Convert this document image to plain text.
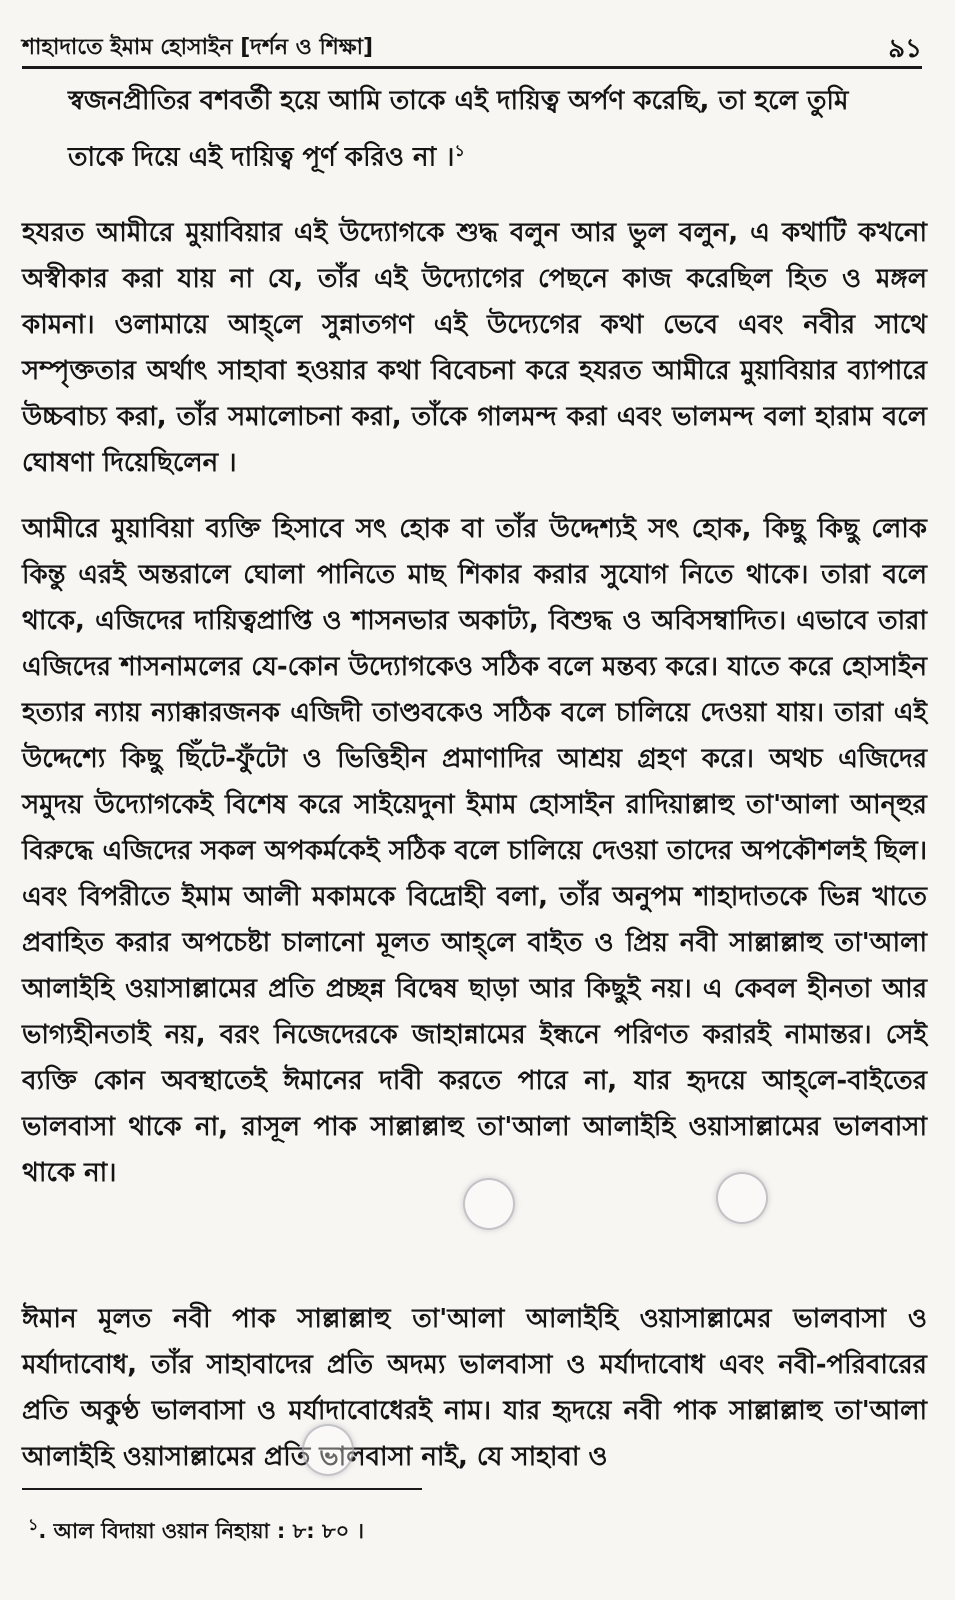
শাহাদাতে ইমাম হোসাইন [দর্শন ও শিক্ষা]	৯১
স্বজনপ্রীতির বশবর্তী হয়ে আমি তাকে এই দায়িত্ব অর্পণ করেছি, তা হলে তুমি তাকে দিয়ে এই দায়িত্ব পূর্ণ করিও না ।$^১$

হযরত আমীরে মুয়াবিয়ার এই উদ্যোগকে শুদ্ধ বলুন আর ভুল বলুন, এ কথাটি কখনো অস্বীকার করা যায় না যে, তাঁর এই উদ্যোগের পেছনে কাজ করেছিল হিত ও মঙ্গল কামনা। ওলামায়ে আহ্‌লে সুন্নাতগণ এই উদ্যেগের কথা ভেবে এবং নবীর সাথে সম্পৃক্ততার অর্থাৎ সাহাবা হওয়ার কথা বিবেচনা করে হযরত আমীরে মুয়াবিয়ার ব্যাপারে উচ্চবাচ্য করা, তাঁর সমালোচনা করা, তাঁকে গালমন্দ করা এবং ভালমন্দ বলা হারাম বলে ঘোষণা দিয়েছিলেন ।

আমীরে মুয়াবিয়া ব্যক্তি হিসাবে সৎ হোক বা তাঁর উদ্দেশ্যই সৎ হোক, কিছু কিছু লোক কিন্তু এরই অন্তরালে ঘোলা পানিতে মাছ শিকার করার সুযোগ নিতে থাকে। তারা বলে থাকে, এজিদের দায়িত্বপ্রাপ্তি ও শাসনভার অকাট্য, বিশুদ্ধ ও অবিসম্বাদিত। এভাবে তারা এজিদের শাসনামলের যে-কোন উদ্যোগকেও সঠিক বলে মন্তব্য করে। যাতে করে হোসাইন হত্যার ন্যায় ন্যাক্কারজনক এজিদী তাণ্ডবকেও সঠিক বলে চালিয়ে দেওয়া যায়। তারা এই উদ্দেশ্যে কিছু ছিঁটে-ফুঁটো ও ভিত্তিহীন প্রমাণাদির আশ্রয় গ্রহণ করে। অথচ এজিদের সমুদয় উদ্যোগকেই বিশেষ করে সাইয়েদুনা ইমাম হোসাইন রাদিয়াল্লাহু তা'আলা আন্‌হুর বিরুদ্ধে এজিদের সকল অপকর্মকেই সঠিক বলে চালিয়ে দেওয়া তাদের অপকৌশলই ছিল। এবং বিপরীতে ইমাম আলী মকামকে বিদ্রোহী বলা, তাঁর অনুপম শাহাদাতকে ভিন্ন খাতে প্রবাহিত করার অপচেষ্টা চালানো মূলত আহ্‌লে বাইত ও প্রিয় নবী সাল্লাল্লাহু তা'আলা আলাইহি ওয়াসাল্লামের প্রতি প্রচ্ছন্ন বিদ্বেষ ছাড়া আর কিছুই নয়। এ কেবল হীনতা আর ভাগ্যহীনতাই নয়, বরং নিজেদেরকে জাহান্নামের ইন্ধনে পরিণত করারই নামান্তর। সেই ব্যক্তি কোন অবস্থাতেই ঈমানের দাবী করতে পারে না, যার হৃদয়ে আহ্‌লে-বাইতের ভালবাসা থাকে না, রাসূল পাক সাল্লাল্লাহু তা'আলা আলাইহি ওয়াসাল্লামের ভালবাসা থাকে না।

ঈমান মূলত নবী পাক সাল্লাল্লাহু তা'আলা আলাইহি ওয়াসাল্লামের ভালবাসা ও মর্যাদাবোধ, তাঁর সাহাবাদের প্রতি অদম্য ভালবাসা ও মর্যাদাবোধ এবং নবী-পরিবারের প্রতি অকুণ্ঠ ভালবাসা ও মর্যাদাবোধেরই নাম। যার হৃদয়ে নবী পাক সাল্লাল্লাহু তা'আলা আলাইহি ওয়াসাল্লামের প্রতি ভালবাসা নাই, যে সাহাবা ও

$^১$. আল বিদায়া ওয়ান নিহায়া : ৮: ৮০ ।
